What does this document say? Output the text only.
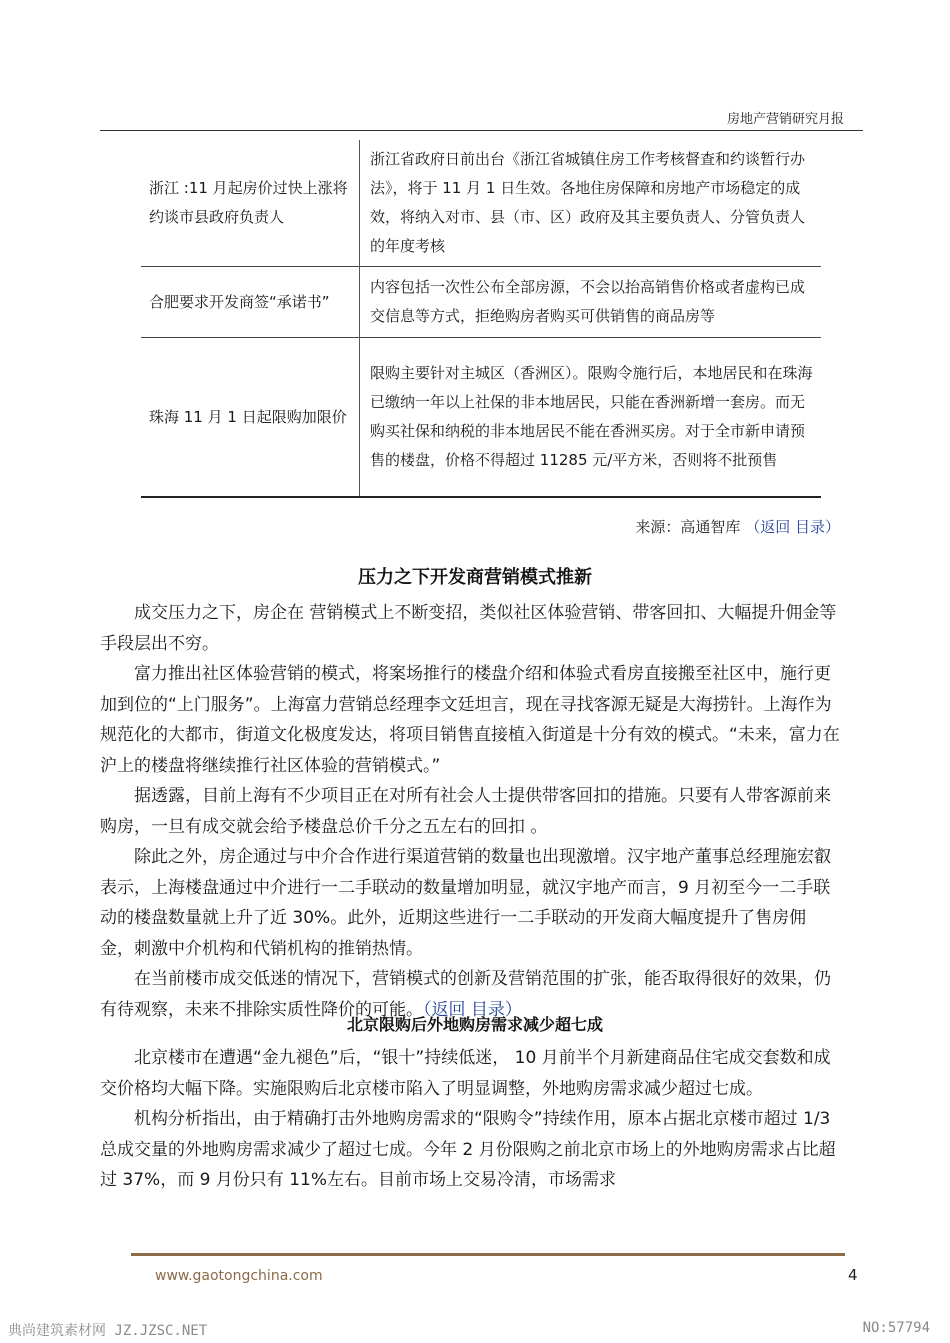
房地产营销研究月报
浙江 :11 月起房价过快上涨将约谈市县政府负责人	浙江省政府日前出台《浙江省城镇住房工作考核督查和约谈暂行办法》，将于 11 月 1 日生效。各地住房保障和房地产市场稳定的成效，将纳入对市、县（市、区）政府及其主要负责人、分管负责人的年度考核
合肥要求开发商签“承诺书”	内容包括一次性公布全部房源，不会以抬高销售价格或者虚构已成交信息等方式，拒绝购房者购买可供销售的商品房等
珠海 11 月 1 日起限购加限价	限购主要针对主城区（香洲区）。限购令施行后，本地居民和在珠海已缴纳一年以上社保的非本地居民，只能在香洲新增一套房。而无购买社保和纳税的非本地居民不能在香洲买房。对于全市新申请预售的楼盘，价格不得超过 11285 元/平方米，否则将不批预售
来源：高通智库 （返回 目录）
压力之下开发商营销模式推新

成交压力之下，房企在 营销模式上不断变招，类似社区体验营销、带客回扣、大幅提升佣金等手段层出不穷。

富力推出社区体验营销的模式，将案场推行的楼盘介绍和体验式看房直接搬至社区中，施行更加到位的“上门服务”。上海富力营销总经理李文廷坦言，现在寻找客源无疑是大海捞针。上海作为规范化的大都市，街道文化极度发达，将项目销售直接植入街道是十分有效的模式。“未来，富力在沪上的楼盘将继续推行社区体验的营销模式。”

据透露，目前上海有不少项目正在对所有社会人士提供带客回扣的措施。只要有人带客源前来购房，一旦有成交就会给予楼盘总价千分之五左右的回扣 。

除此之外，房企通过与中介合作进行渠道营销的数量也出现激增。汉宇地产董事总经理施宏叡表示，上海楼盘通过中介进行一二手联动的数量增加明显，就汉宇地产而言，9 月初至今一二手联动的楼盘数量就上升了近 30%。此外，近期这些进行一二手联动的开发商大幅度提升了售房佣金，刺激中介机构和代销机构的推销热情。

在当前楼市成交低迷的情况下，营销模式的创新及营销范围的扩张，能否取得很好的效果，仍有待观察，未来不排除实质性降价的可能。（返回 目录）

北京限购后外地购房需求减少超七成

北京楼市在遭遇“金九褪色”后，“银十”持续低迷， 10 月前半个月新建商品住宅成交套数和成交价格均大幅下降。实施限购后北京楼市陷入了明显调整，外地购房需求减少超过七成。

机构分析指出，由于精确打击外地购房需求的“限购令”持续作用，原本占据北京楼市超过 1/3 总成交量的外地购房需求减少了超过七成。今年 2 月份限购之前北京市场上的外地购房需求占比超过 37%，而 9 月份只有 11%左右。目前市场上交易冷清，市场需求

www.gaotongchina.com	4
典尚建筑素材网 JZ.JZSC.NET	NO:57794
